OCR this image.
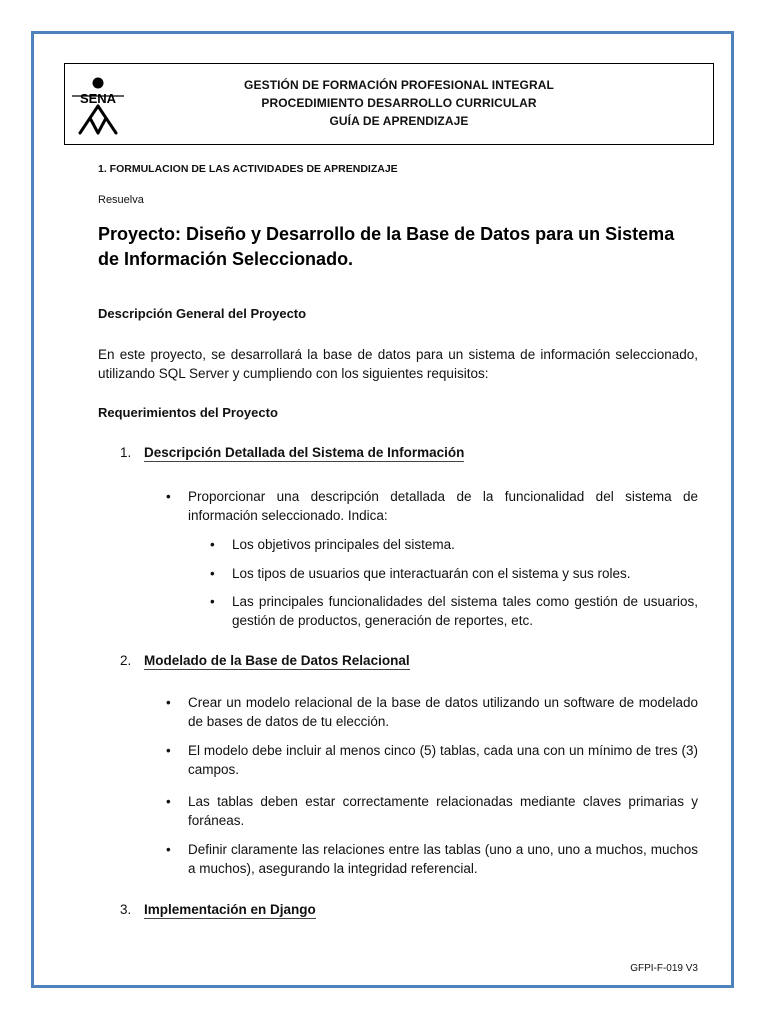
SENA
GESTIÓN DE FORMACIÓN PROFESIONAL INTEGRAL
PROCEDIMIENTO DESARROLLO CURRICULAR
GUÍA DE APRENDIZAJE
1. FORMULACION DE LAS ACTIVIDADES DE APRENDIZAJE
Resuelva
Proyecto: Diseño y Desarrollo de la Base de Datos para un Sistema
de Información Seleccionado.
Descripción General del Proyecto
En este proyecto, se desarrollará la base de datos para un sistema de información seleccionado, utilizando SQL Server y cumpliendo con los siguientes requisitos:
Requerimientos del Proyecto
1. Descripción Detallada del Sistema de Información
• Proporcionar una descripción detallada de la funcionalidad del sistema de información seleccionado. Indica:
• Los objetivos principales del sistema.
• Los tipos de usuarios que interactuarán con el sistema y sus roles.
• Las principales funcionalidades del sistema tales como gestión de usuarios, gestión de productos, generación de reportes, etc.
2. Modelado de la Base de Datos Relacional
• Crear un modelo relacional de la base de datos utilizando un software de modelado de bases de datos de tu elección.
• El modelo debe incluir al menos cinco (5) tablas, cada una con un mínimo de tres (3) campos.
• Las tablas deben estar correctamente relacionadas mediante claves primarias y foráneas.
• Definir claramente las relaciones entre las tablas (uno a uno, uno a muchos, muchos a muchos), asegurando la integridad referencial.
3. Implementación en Django
GFPI-F-019 V3
